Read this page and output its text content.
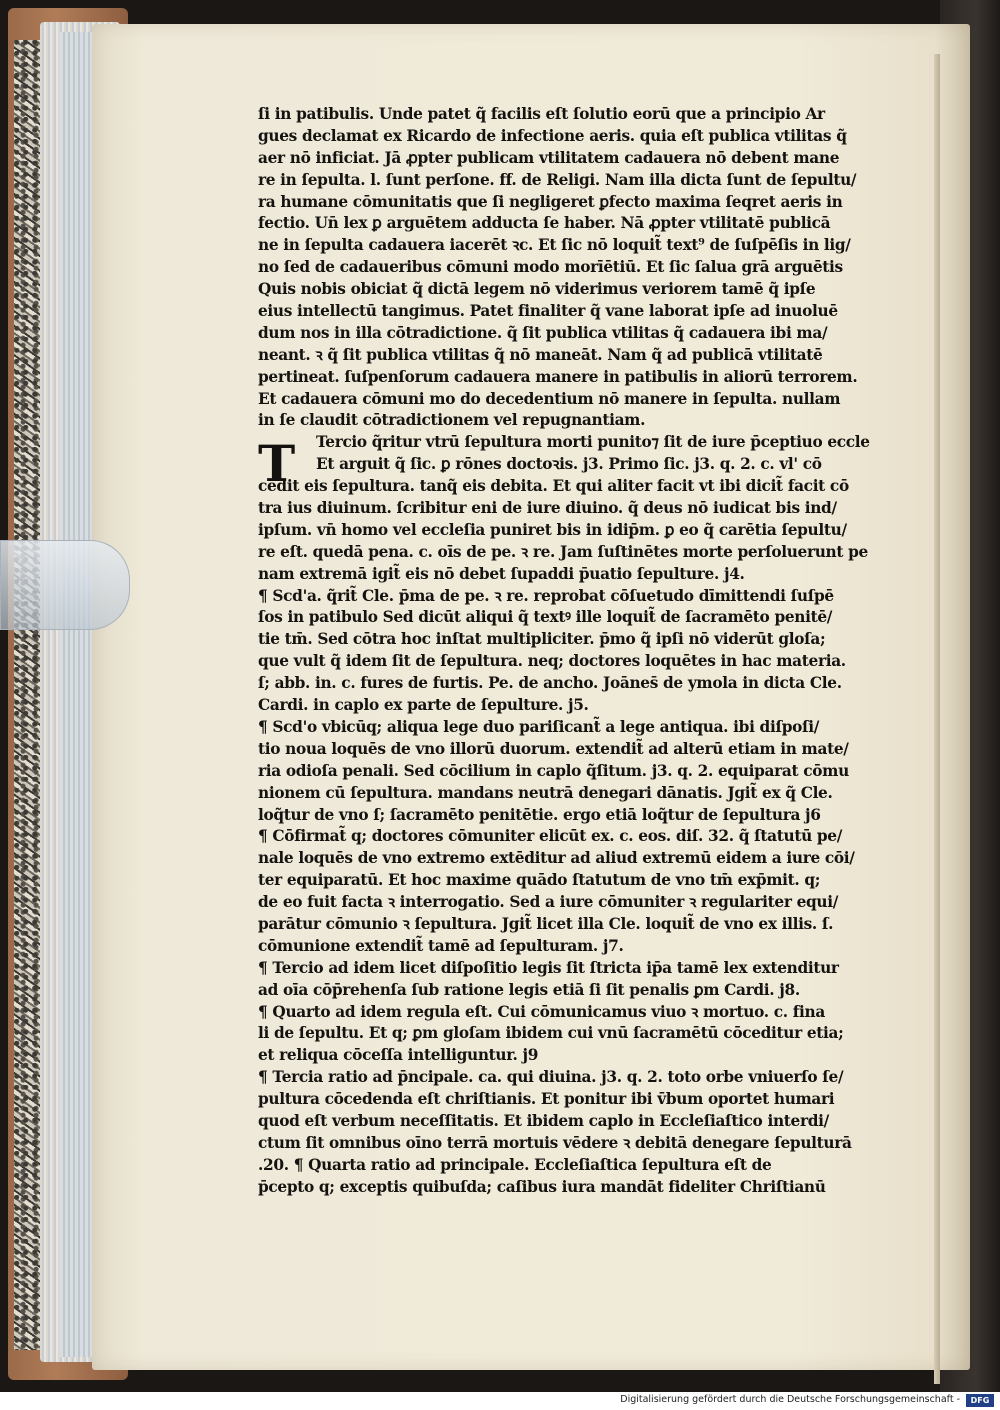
T
ſi in patibulis. Unde patet q̃ facilis eſt ſolutio eorū que a principio Ar
gues declamat ex Ricardo de infectione aeris. quia eſt publica vtilitas q̃
aer nō inficiat. Jā ꝓpter publicam vtilitatem cadauera nō debent mane
re in ſepulta. l. ſunt perſone. ff. de Religi. Nam illa dicta ſunt de ſepultu/
ra humane cōmunitatis que ſi negligeret ꝑfecto maxima ſeqret aeris in
fectio. Un̄ lex ꝑ arguētem adducta ſe haber. Nā ꝓpter vtilitatē publicā
ne in ſepulta cadauera iacerēt ꝛc. Et ſic nō loquit̃ text⁹ de ſuſpēſis in lig/
no ſed de cadaueribus cōmuni modo morīētiū. Et ſic ſalua grā arguētis
Quis nobis obiciat q̃ dictā legem nō viderimus veriorem tamē q̃ ipſe
eius intellectū tangimus. Patet finaliter q̃ vane laborat ipſe ad inuoluē
dum nos in illa cōtradictione. q̃ ſit publica vtilitas q̃ cadauera ibi ma/
neant. ꝛ q̃ ſit publica vtilitas q̃ nō maneāt. Nam q̃ ad publicā vtilitatē
pertineat. ſuſpenſorum cadauera manere in patibulis in aliorū terrorem.
Et cadauera cōmuni mo do decedentium nō manere in ſepulta. nullam
in ſe claudit cōtradictionem vel repugnantiam.
Tercio q̃ritur vtrū ſepultura morti punito⁊ ſit de iure p̄ceptiuo eccle
Et arguit q̃ ſic. ꝑ rōnes doctoꝛis. j3. Primo ſic. j3. q. 2. c. vl' cō
cedit eis ſepultura. tanq̃ eis debita. Et qui aliter facit vt ibi dicit̃ facit cō
tra ius diuinum. ſcribitur eni de iure diuino. q̃ deus nō iudicat bis ind/
ipſum. vn̄ homo vel eccleſia puniret bis in idip̄m. ꝑ eo q̃ carētia ſepultu/
re eſt. quedā pena. c. oīs de pe. ꝛ re. Jam ſuſtinētes morte perſoluerunt pe
nam extremā igit̃ eis nō debet ſupaddi p̄uatio ſepulture. j4.
¶ Scd'a. q̃rit̃ Cle. p̄ma de pe. ꝛ re. reprobat cōſuetudo dīmittendi ſuſpē
ſos in patibulo Sed dicūt aliqui q̃ textꝰ ille loquit̃ de ſacramēto penitē/
tie tm̄. Sed cōtra hoc inſtat multipliciter. p̄mo q̃ ipſi nō viderūt gloſa;
que vult q̃ idem ſit de ſepultura. neq; doctores loquētes in hac materia.
ſ; abb. in. c. fures de furtis. Pe. de ancho. Joānes̄ de ymola in dicta Cle.
Cardi. in caplo ex parte de ſepulture. j5.
¶ Scd'o vbicūq; aliqua lege duo pariſicant̃ a lege antiqua. ibi diſpoſi/
tio noua loquēs de vno illorū duorum. extendit̃ ad alterū etiam in mate/
ria odioſa penali. Sed cōcilium in caplo q̃ſitum. j3. q. 2. equiparat cōmu
nionem cū ſepultura. mandans neutrā denegari dānatis. Jgit̃ ex q̃ Cle.
loq̃tur de vno ſ; ſacramēto penitētie. ergo etiā loq̃tur de ſepultura j6
¶ Cōfirmat̃ q; doctores cōmuniter elicūt ex. c. eos. diſ. 32. q̃ ſtatutū pe/
nale loquēs de vno extremo extēditur ad aliud extremū eidem a iure cōi/
ter equiparatū. Et hoc maxime quādo ſtatutum de vno tm̄ exp̄mit. q;
de eo fuit facta ꝛ interrogatio. Sed a iure cōmuniter ꝛ regulariter equi/
parātur cōmunio ꝛ ſepultura. Jgit̃ licet illa Cle. loquit̃ de vno ex illis. ſ.
cōmunione extendit̃ tamē ad ſepulturam. j7.
¶ Tercio ad idem licet diſpoſitio legis ſit ſtricta ip̄a tamē lex extenditur
ad oīa cōp̄rehenſa ſub ratione legis etiā ſi ſit penalis ꝑm Cardi. j8.
¶ Quarto ad idem regula eſt. Cui cōmunicamus viuo ꝛ mortuo. c. fina
li de ſepultu. Et q; ꝑm gloſam ibidem cui vnū ſacramētū cōceditur etia;
et reliqua cōceſſa intelliguntur. j9
¶ Tercia ratio ad p̄ncipale. ca. qui diuina. j3. q. 2. toto orbe vniuerſo ſe/
pultura cōcedenda eſt chriſtianis. Et ponitur ibi v̄bum oportet humari
quod eſt verbum neceſſitatis. Et ibidem caplo in Eccleſiaſtico interdi/
ctum ſit omnibus oīno terrā mortuis vēdere ꝛ debitā denegare ſepulturā
.20. ¶ Quarta ratio ad principale. Eccleſiaſtica ſepultura eſt de
p̄cepto q; exceptis quibuſda; caſibus iura mandāt fideliter Chriſtianū
Digitalisierung gefördert durch die Deutsche Forschungsgemeinschaft -	DFG
